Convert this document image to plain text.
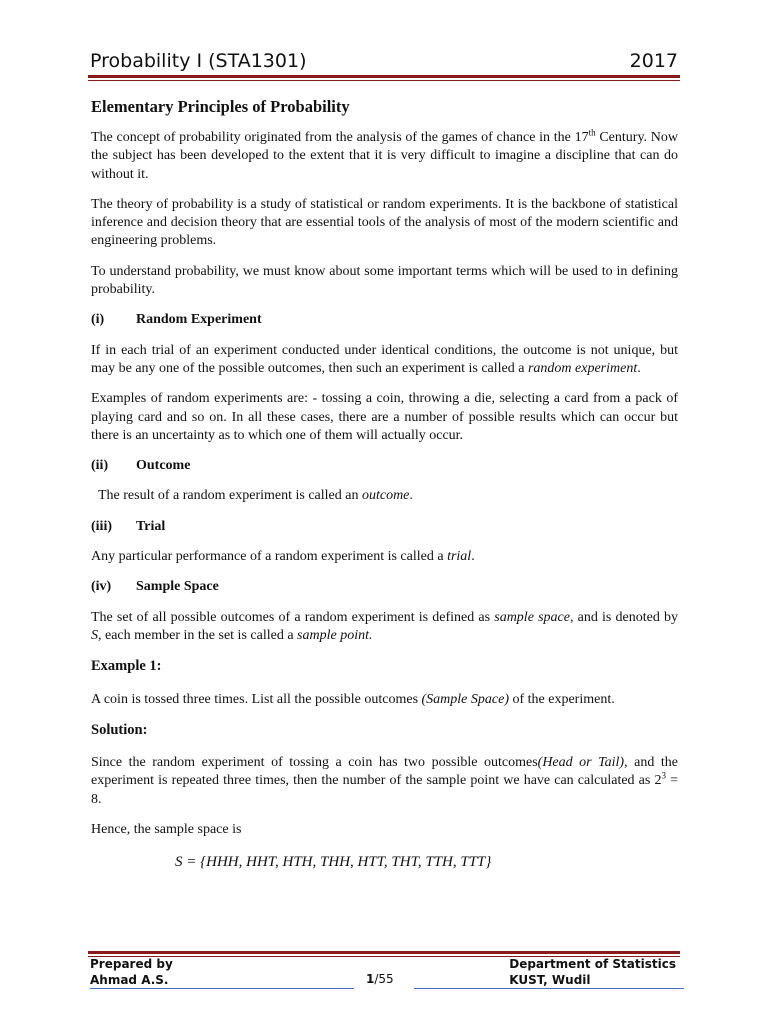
Probability I (STA1301)	2017
Elementary Principles of Probability

The concept of probability originated from the analysis of the games of chance in the 17th Century. Now the subject has been developed to the extent that it is very difficult to imagine a discipline that can do without it.

The theory of probability is a study of statistical or random experiments. It is the backbone of statistical inference and decision theory that are essential tools of the analysis of most of the modern scientific and engineering problems.

To understand probability, we must know about some important terms which will be used to in defining probability.

(i) Random Experiment

If in each trial of an experiment conducted under identical conditions, the outcome is not unique, but may be any one of the possible outcomes, then such an experiment is called a random experiment.

Examples of random experiments are: - tossing a coin, throwing a die, selecting a card from a pack of playing card and so on. In all these cases, there are a number of possible results which can occur but there is an uncertainty as to which one of them will actually occur.

(ii) Outcome

The result of a random experiment is called an outcome.

(iii) Trial

Any particular performance of a random experiment is called a trial.

(iv) Sample Space

The set of all possible outcomes of a random experiment is defined as sample space, and is denoted by S, each member in the set is called a sample point.

Example 1:

A coin is tossed three times. List all the possible outcomes (Sample Space) of the experiment.

Solution:

Since the random experiment of tossing a coin has two possible outcomes(Head or Tail), and the experiment is repeated three times, then the number of the sample point we have can calculated as $2^3 = 8$.

Hence, the sample space is

S = {HHH, HHT, HTH, THH, HTT, THT, TTH, TTT}
Prepared by
Ahmad A.S.	1/55
Department of Statistics
KUST, Wudil
